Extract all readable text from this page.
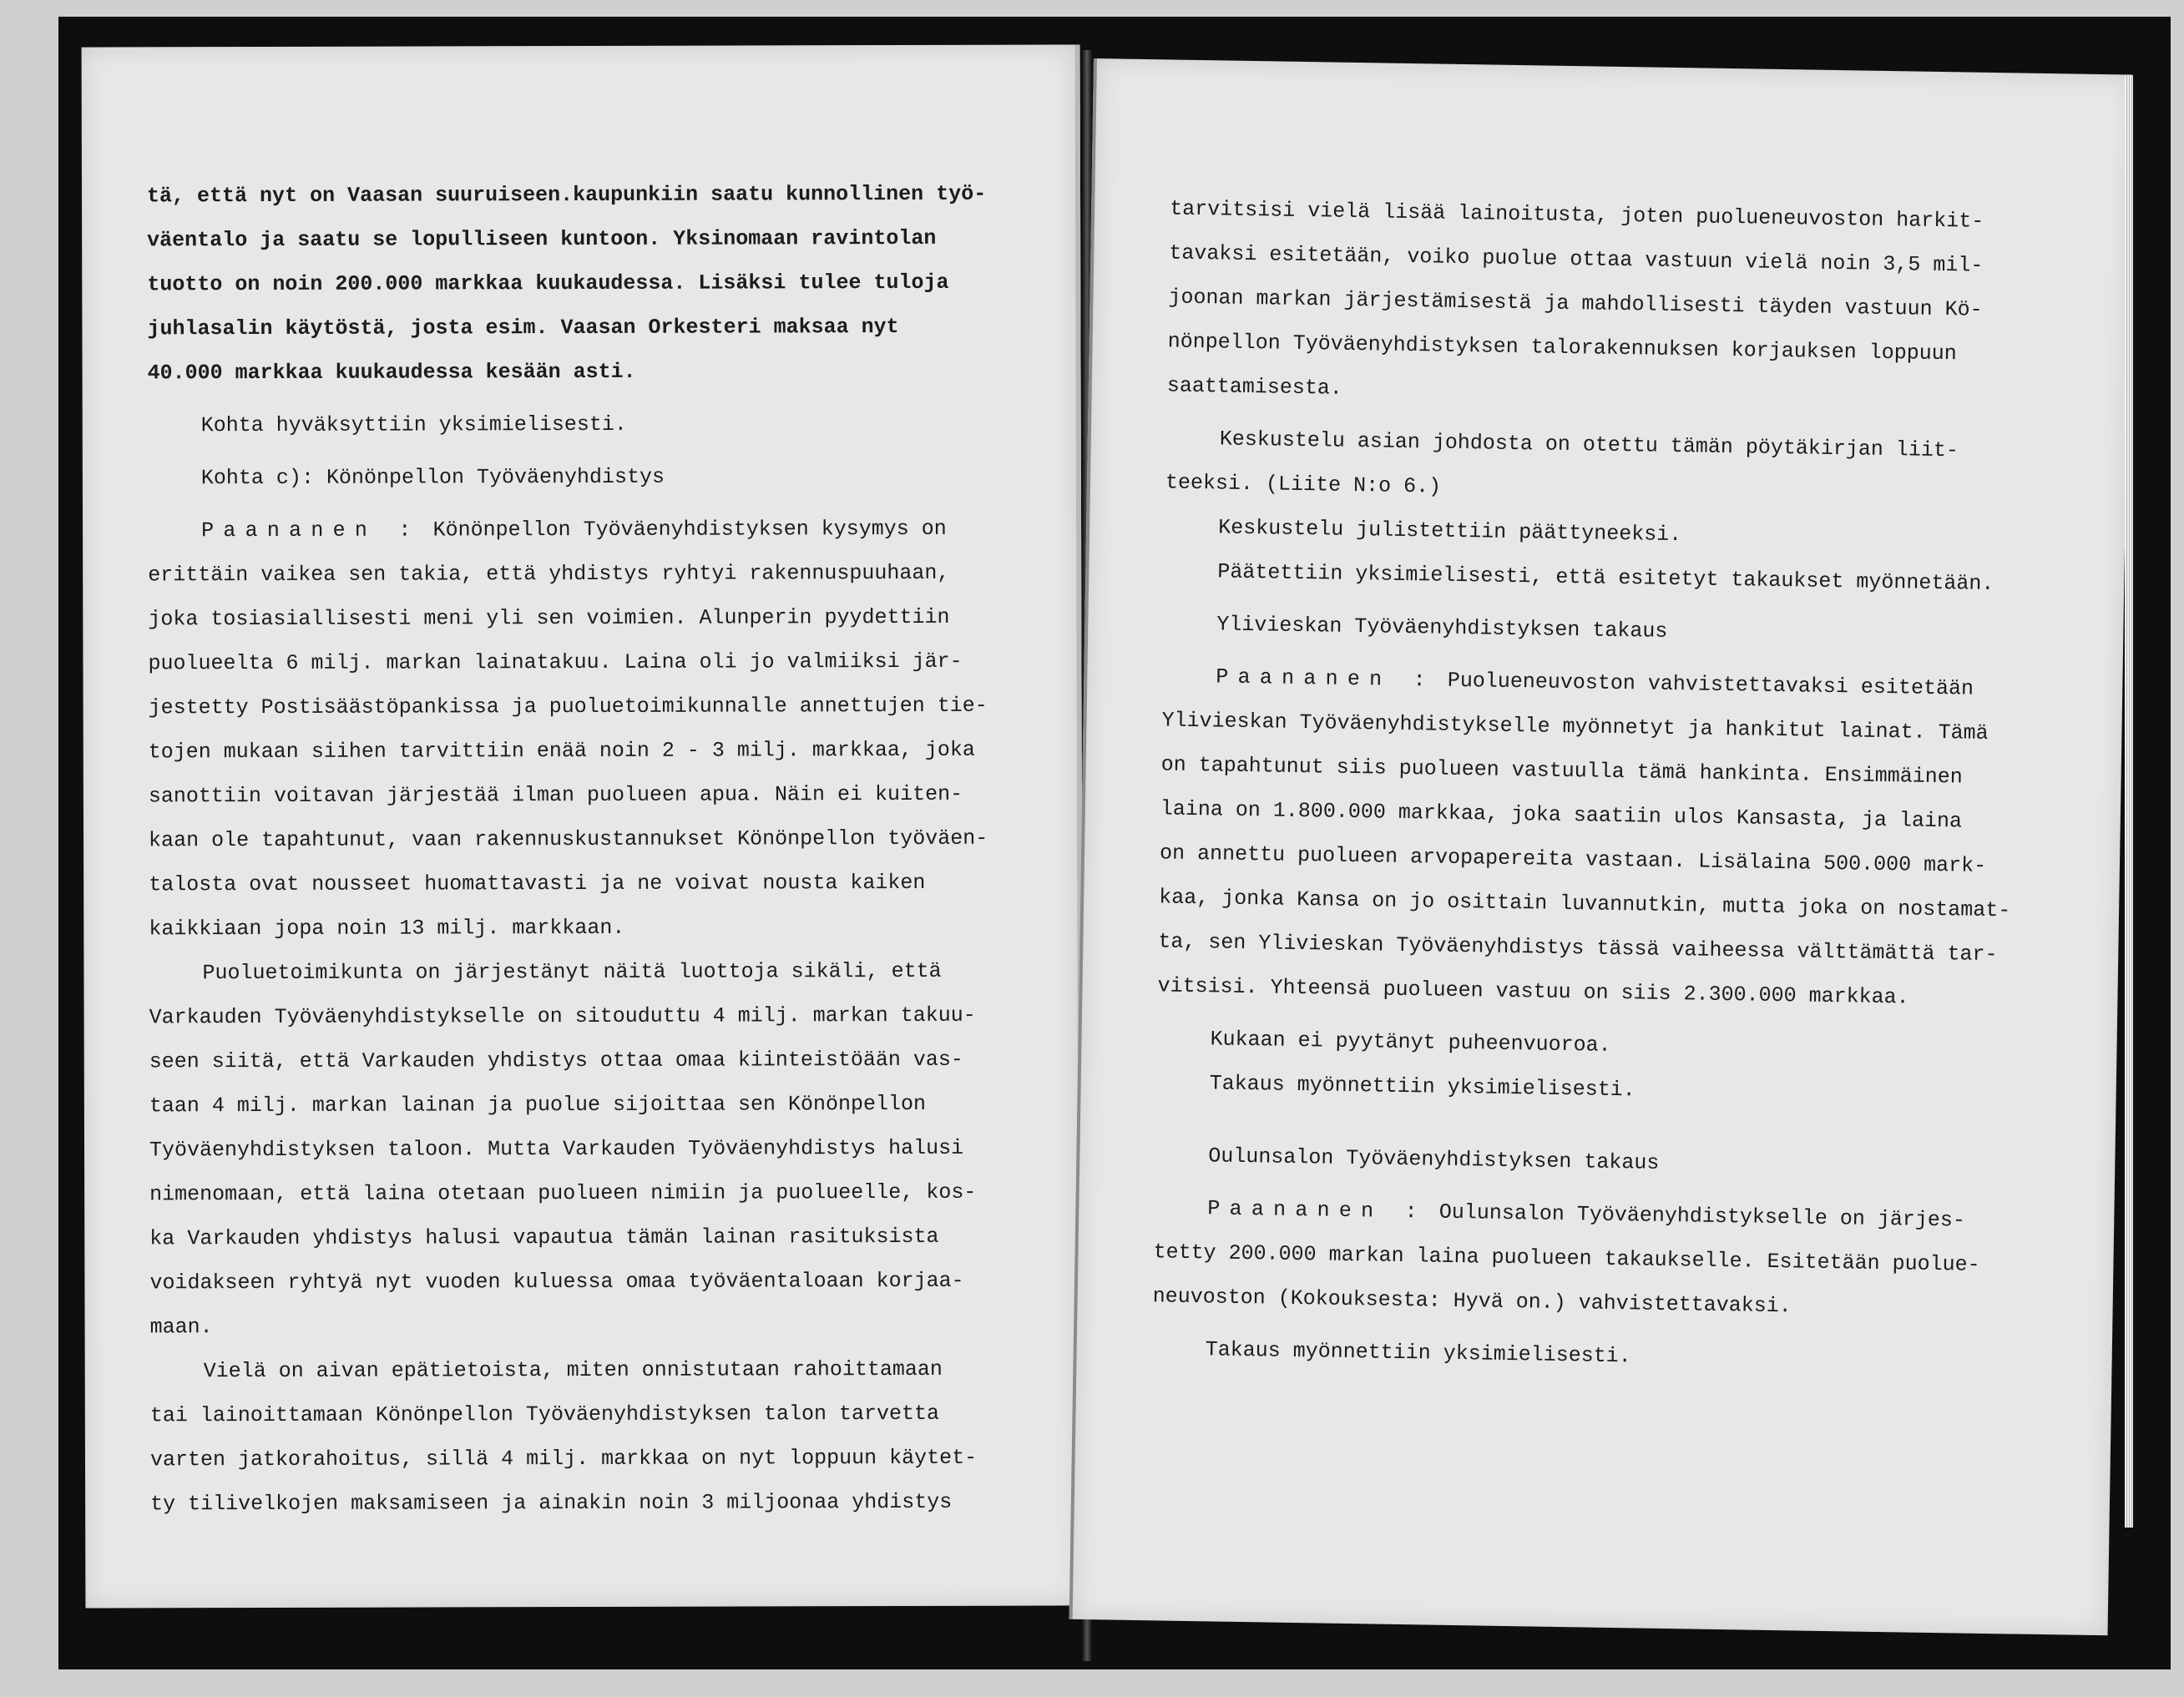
tä, että nyt on Vaasan suuruiseen.kaupunkiin saatu kunnollinen työ-

väentalo ja saatu se lopulliseen kuntoon. Yksinomaan ravintolan

tuotto on noin 200.000 markkaa kuukaudessa. Lisäksi tulee tuloja

juhlasalin käytöstä, josta esim. Vaasan Orkesteri maksaa nyt

40.000 markkaa kuukaudessa kesään asti.

Kohta hyväksyttiin yksimielisesti.

Kohta c): Könönpellon Työväenyhdistys

Paananen : Könönpellon Työväenyhdistyksen kysymys on

erittäin vaikea sen takia, että yhdistys ryhtyi rakennuspuuhaan,

joka tosiasiallisesti meni yli sen voimien. Alunperin pyydettiin

puolueelta 6 milj. markan lainatakuu. Laina oli jo valmiiksi jär-

jestetty Postisäästöpankissa ja puoluetoimikunnalle annettujen tie-

tojen mukaan siihen tarvittiin enää noin 2 - 3 milj. markkaa, joka

sanottiin voitavan järjestää ilman puolueen apua. Näin ei kuiten-

kaan ole tapahtunut, vaan rakennuskustannukset Könönpellon työväen-

talosta ovat nousseet huomattavasti ja ne voivat nousta kaiken

kaikkiaan jopa noin 13 milj. markkaan.

Puoluetoimikunta on järjestänyt näitä luottoja sikäli, että

Varkauden Työväenyhdistykselle on sitouduttu 4 milj. markan takuu-

seen siitä, että Varkauden yhdistys ottaa omaa kiinteistöään vas-

taan 4 milj. markan lainan ja puolue sijoittaa sen Könönpellon

Työväenyhdistyksen taloon. Mutta Varkauden Työväenyhdistys halusi

nimenomaan, että laina otetaan puolueen nimiin ja puolueelle, kos-

ka Varkauden yhdistys halusi vapautua tämän lainan rasituksista

voidakseen ryhtyä nyt vuoden kuluessa omaa työväentaloaan korjaa-

maan.

Vielä on aivan epätietoista, miten onnistutaan rahoittamaan

tai lainoittamaan Könönpellon Työväenyhdistyksen talon tarvetta

varten jatkorahoitus, sillä 4 milj. markkaa on nyt loppuun käytet-

ty tilivelkojen maksamiseen ja ainakin noin 3 miljoonaa yhdistys

tarvitsisi vielä lisää lainoitusta, joten puolueneuvoston harkit-

tavaksi esitetään, voiko puolue ottaa vastuun vielä noin 3,5 mil-

joonan markan järjestämisestä ja mahdollisesti täyden vastuun Kö-

nönpellon Työväenyhdistyksen talorakennuksen korjauksen loppuun

saattamisesta.

Keskustelu asian johdosta on otettu tämän pöytäkirjan liit-

teeksi. (Liite N:o 6.)

Keskustelu julistettiin päättyneeksi.

Päätettiin yksimielisesti, että esitetyt takaukset myönnetään.

Ylivieskan Työväenyhdistyksen takaus

Paananen : Puolueneuvoston vahvistettavaksi esitetään

Ylivieskan Työväenyhdistykselle myönnetyt ja hankitut lainat. Tämä

on tapahtunut siis puolueen vastuulla tämä hankinta. Ensimmäinen

laina on 1.800.000 markkaa, joka saatiin ulos Kansasta, ja laina

on annettu puolueen arvopapereita vastaan. Lisälaina 500.000 mark-

kaa, jonka Kansa on jo osittain luvannutkin, mutta joka on nostamat-

ta, sen Ylivieskan Työväenyhdistys tässä vaiheessa välttämättä tar-

vitsisi. Yhteensä puolueen vastuu on siis 2.300.000 markkaa.

Kukaan ei pyytänyt puheenvuoroa.

Takaus myönnettiin yksimielisesti.

Oulunsalon Työväenyhdistyksen takaus

Paananen : Oulunsalon Työväenyhdistykselle on järjes-

tetty 200.000 markan laina puolueen takaukselle. Esitetään puolue-

neuvoston (Kokouksesta: Hyvä on.) vahvistettavaksi.

Takaus myönnettiin yksimielisesti.
